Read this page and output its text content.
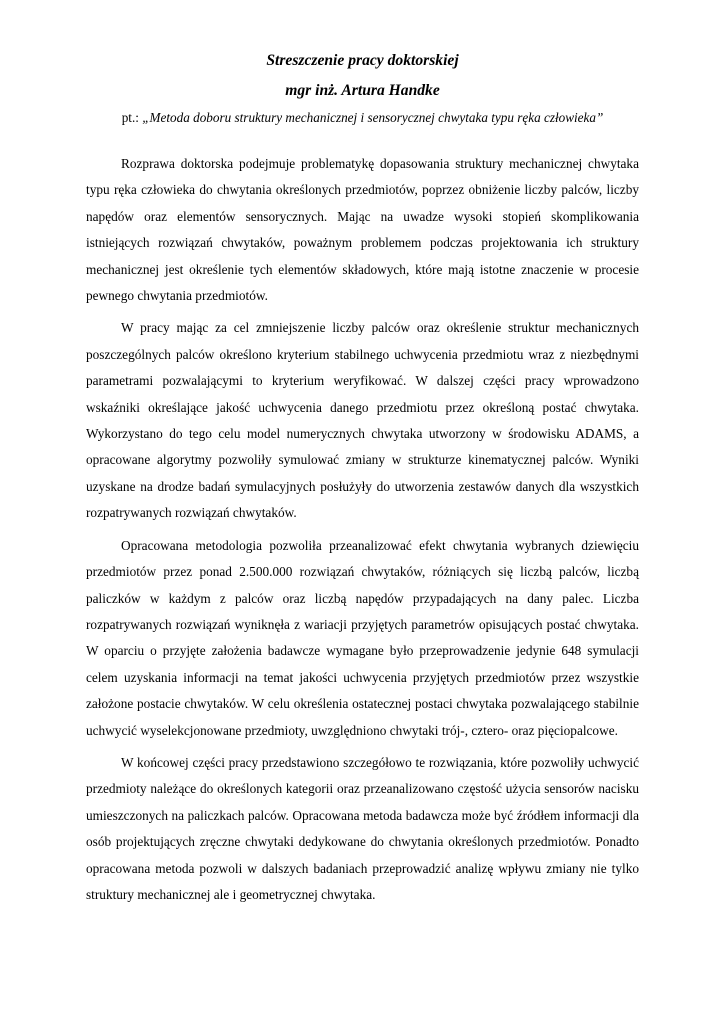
Streszczenie pracy doktorskiej
mgr inż. Artura Handke

pt.: „Metoda doboru struktury mechanicznej i sensorycznej chwytaka typu ręka człowieka”

Rozprawa doktorska podejmuje problematykę dopasowania struktury mechanicznej chwytaka typu ręka człowieka do chwytania określonych przedmiotów, poprzez obniżenie liczby palców, liczby napędów oraz elementów sensorycznych. Mając na uwadze wysoki stopień skomplikowania istniejących rozwiązań chwytaków, poważnym problemem podczas projektowania ich struktury mechanicznej jest określenie tych elementów składowych, które mają istotne znaczenie w procesie pewnego chwytania przedmiotów.

W pracy mając za cel zmniejszenie liczby palców oraz określenie struktur mechanicznych poszczególnych palców określono kryterium stabilnego uchwycenia przedmiotu wraz z niezbędnymi parametrami pozwalającymi to kryterium weryfikować. W dalszej części pracy wprowadzono wskaźniki określające jakość uchwycenia danego przedmiotu przez określoną postać chwytaka. Wykorzystano do tego celu model numerycznych chwytaka utworzony w środowisku ADAMS, a opracowane algorytmy pozwoliły symulować zmiany w strukturze kinematycznej palców. Wyniki uzyskane na drodze badań symulacyjnych posłużyły do utworzenia zestawów danych dla wszystkich rozpatrywanych rozwiązań chwytaków.

Opracowana metodologia pozwoliła przeanalizować efekt chwytania wybranych dziewięciu przedmiotów przez ponad 2.500.000 rozwiązań chwytaków, różniących się liczbą palców, liczbą paliczków w każdym z palców oraz liczbą napędów przypadających na dany palec. Liczba rozpatrywanych rozwiązań wyniknęła z wariacji przyjętych parametrów opisujących postać chwytaka. W oparciu o przyjęte założenia badawcze wymagane było przeprowadzenie jedynie 648 symulacji celem uzyskania informacji na temat jakości uchwycenia przyjętych przedmiotów przez wszystkie założone postacie chwytaków. W celu określenia ostatecznej postaci chwytaka pozwalającego stabilnie uchwycić wyselekcjonowane przedmioty, uwzględniono chwytaki trój-, cztero- oraz pięciopalcowe.

W końcowej części pracy przedstawiono szczegółowo te rozwiązania, które pozwoliły uchwycić przedmioty należące do określonych kategorii oraz przeanalizowano częstość użycia sensorów nacisku umieszczonych na paliczkach palców. Opracowana metoda badawcza może być źródłem informacji dla osób projektujących zręczne chwytaki dedykowane do chwytania określonych przedmiotów. Ponadto opracowana metoda pozwoli w dalszych badaniach przeprowadzić analizę wpływu zmiany nie tylko struktury mechanicznej ale i geometrycznej chwytaka.
